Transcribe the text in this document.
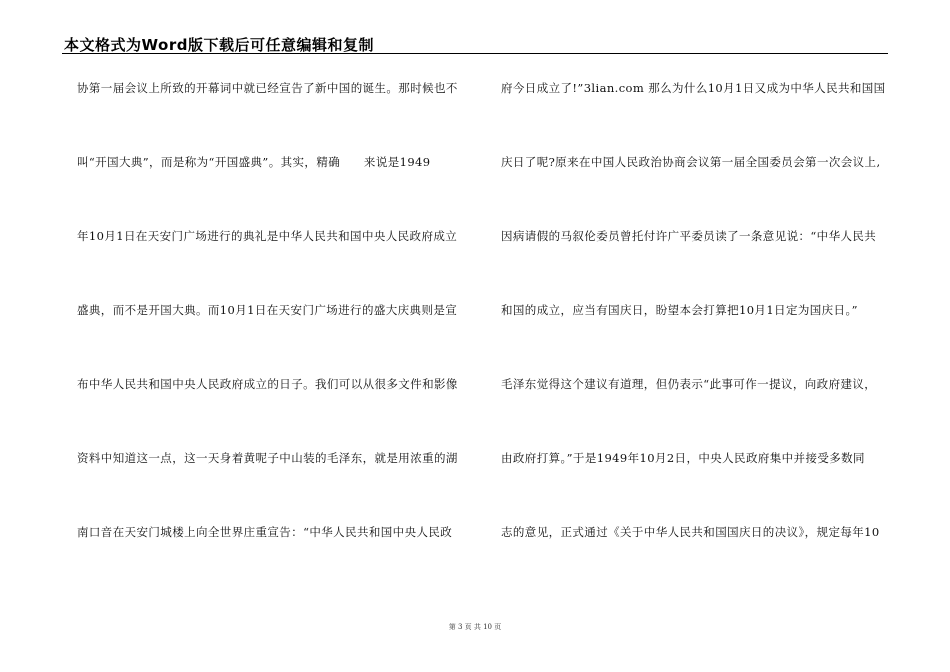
本文格式为Word版下载后可任意编辑和复制
协第一届会议上所致的开幕词中就已经宣告了新中国的诞生。那时候也不
叫“开国大典”，而是称为“开国盛典”。其实，精确　　来说是1949
年10月1日在天安门广场进行的典礼是中华人民共和国中央人民政府成立
盛典，而不是开国大典。而10月1日在天安门广场进行的盛大庆典则是宣
布中华人民共和国中央人民政府成立的日子。我们可以从很多文件和影像
资料中知道这一点，这一天身着黄呢子中山装的毛泽东，就是用浓重的湖
南口音在天安门城楼上向全世界庄重宣告：“中华人民共和国中央人民政
府今日成立了!”3lian.com 那么为什么10月1日又成为中华人民共和国国
庆日了呢?原来在中国人民政治协商会议第一届全国委员会第一次会议上,
因病请假的马叙伦委员曾托付许广平委员读了一条意见说：“中华人民共
和国的成立，应当有国庆日，盼望本会打算把10月1日定为国庆日。”
毛泽东觉得这个建议有道理，但仍表示“此事可作一提议，向政府建议，
由政府打算。”于是1949年10月2日，中央人民政府集中并接受多数同
志的意见，正式通过《关于中华人民共和国国庆日的决议》，规定每年10
第 3 页 共 10 页
